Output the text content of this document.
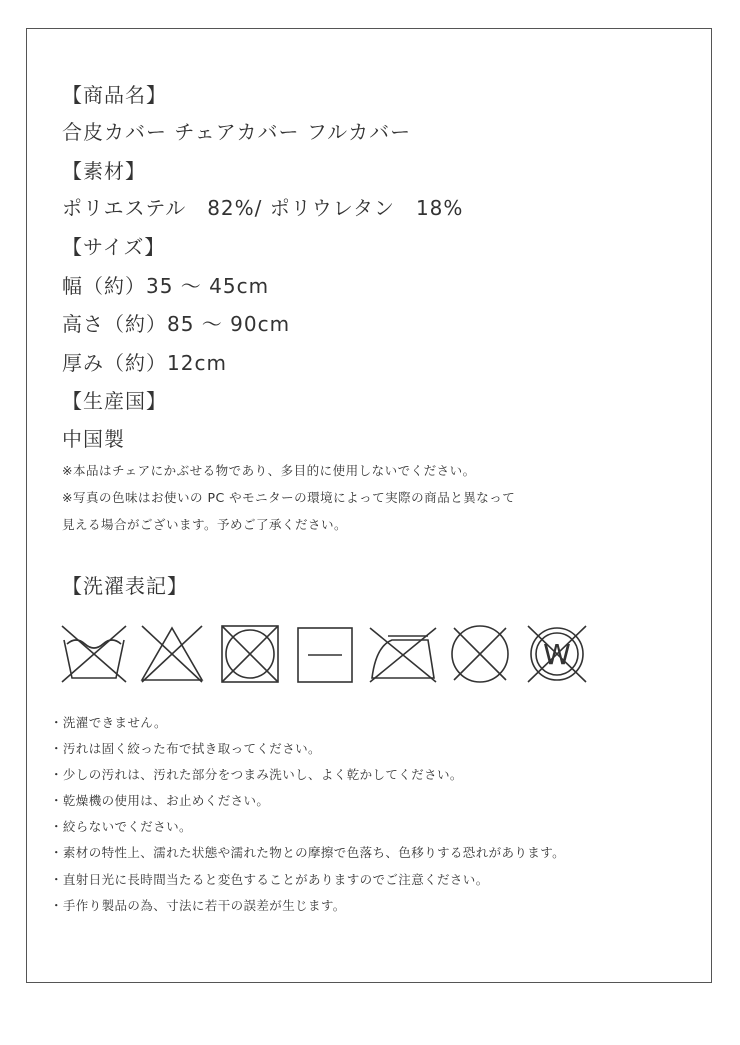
【商品名】
合皮カバー チェアカバー フルカバー
【素材】
ポリエステル　82%/ ポリウレタン　18%
【サイズ】
幅（約）35 〜 45cm
高さ（約）85 〜 90cm
厚み（約）12cm
【生産国】
中国製
※本品はチェアにかぶせる物であり、多目的に使用しないでください。
※写真の色味はお使いの PC やモニターの環境によって実際の商品と異なって
見える場合がございます。予めご了承ください。
【洗濯表記】
W
・洗濯できません。
・汚れは固く絞った布で拭き取ってください。
・少しの汚れは、汚れた部分をつまみ洗いし、よく乾かしてください。
・乾燥機の使用は、お止めください。
・絞らないでください。
・素材の特性上、濡れた状態や濡れた物との摩擦で色落ち、色移りする恐れがあります。
・直射日光に長時間当たると変色することがありますのでご注意ください。
・手作り製品の為、寸法に若干の誤差が生じます。
